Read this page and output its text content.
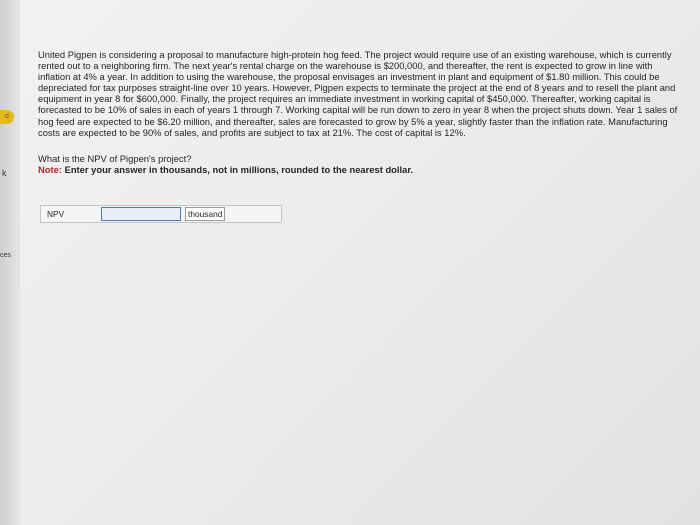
d
k
ces

United Pigpen is considering a proposal to manufacture high-protein hog feed. The project would require use of an existing warehouse, which is currently rented out to a neighboring firm. The next year's rental charge on the warehouse is $200,000, and thereafter, the rent is expected to grow in line with inflation at 4% a year. In addition to using the warehouse, the proposal envisages an investment in plant and equipment of $1.80 million. This could be depreciated for tax purposes straight-line over 10 years. However, Pigpen expects to terminate the project at the end of 8 years and to resell the plant and equipment in year 8 for $600,000. Finally, the project requires an immediate investment in working capital of $450,000. Thereafter, working capital is forecasted to be 10% of sales in each of years 1 through 7. Working capital will be run down to zero in year 8 when the project shuts down. Year 1 sales of hog feed are expected to be $6.20 million, and thereafter, sales are forecasted to grow by 5% a year, slightly faster than the inflation rate. Manufacturing costs are expected to be 90% of sales, and profits are subject to tax at 21%. The cost of capital is 12%.

What is the NPV of Pigpen's project?

Note: Enter your answer in thousands, not in millions, rounded to the nearest dollar.

NPV	thousand
